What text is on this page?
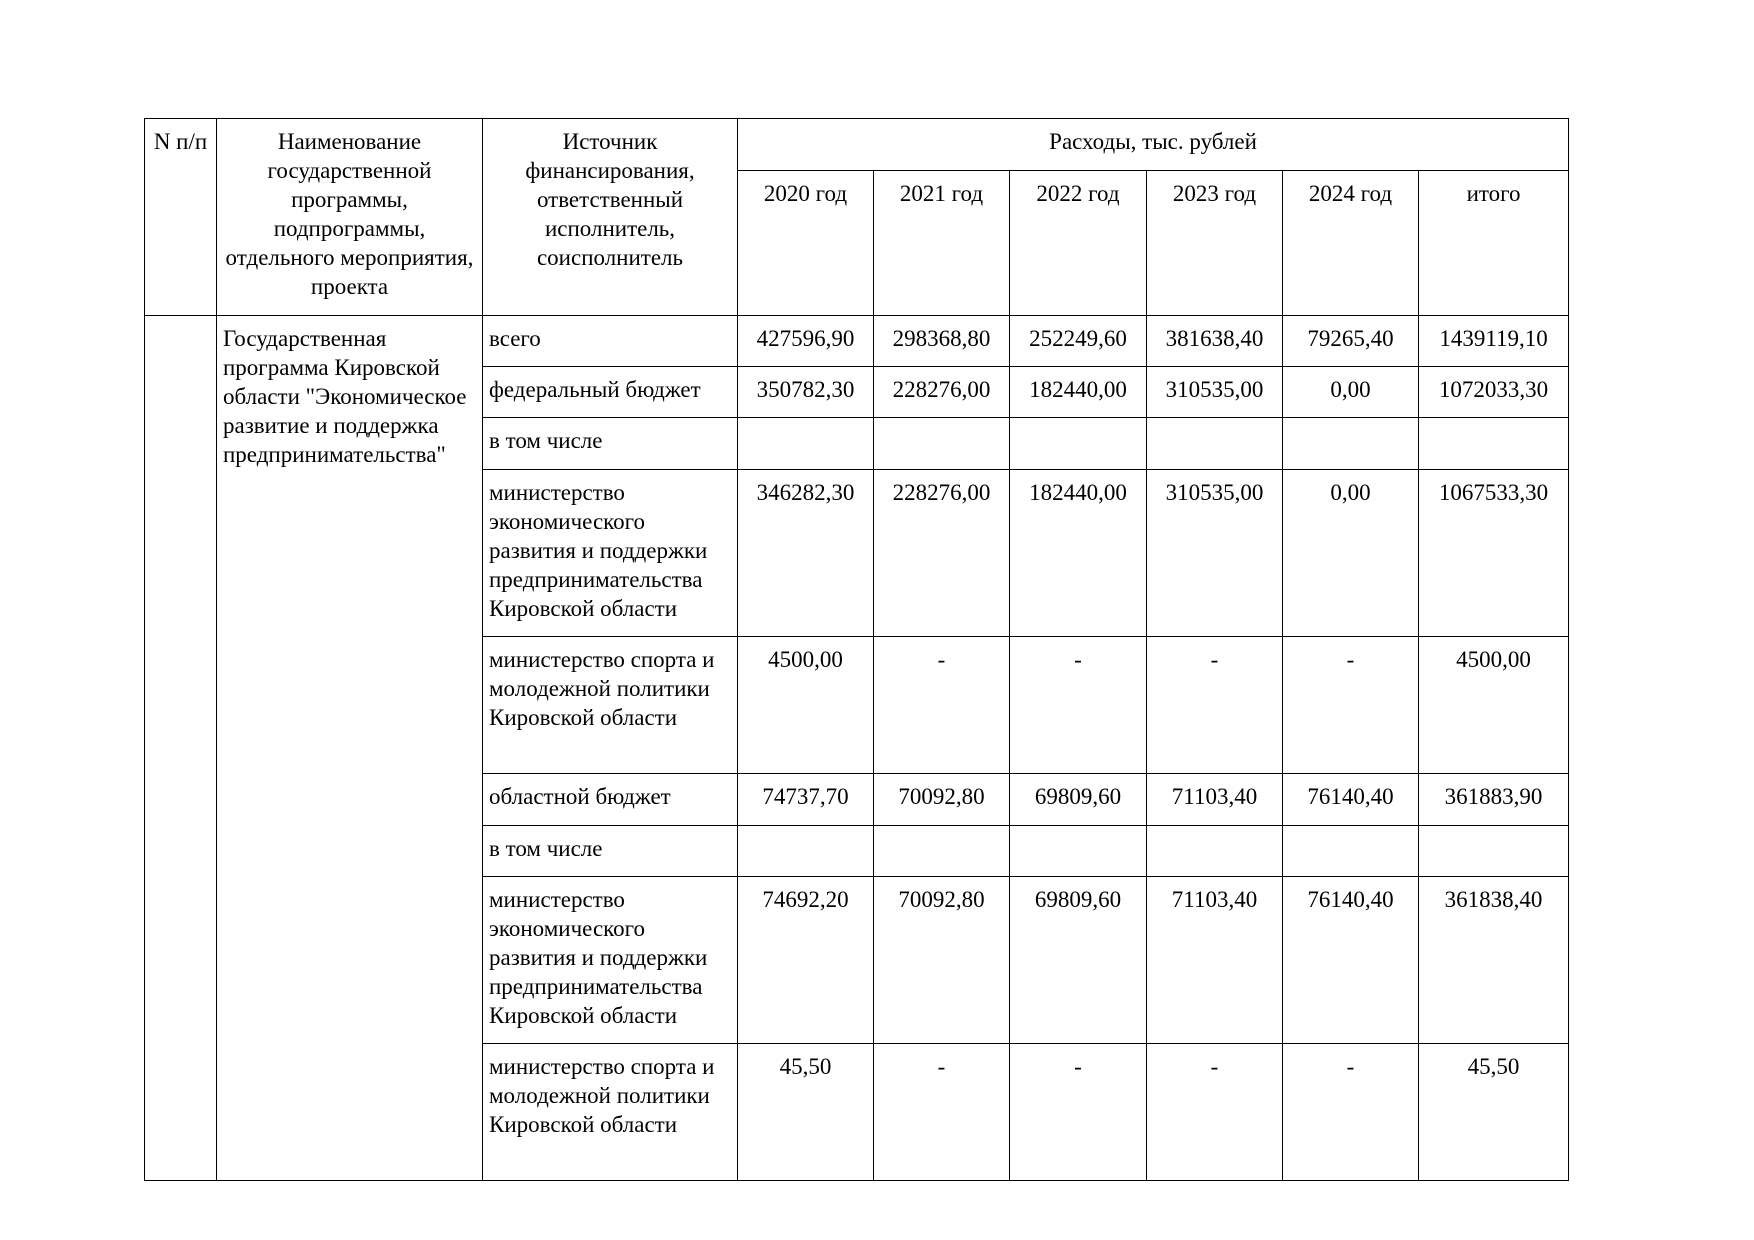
N п/п	Наименование государственной программы, подпрограммы, отдельного мероприятия, проекта	Источник финансирования, ответственный исполнитель, соисполнитель	Расходы, тыс. рублей					
			2020 год	2021 год	2022 год	2023 год	2024 год	итого
	Государственная программа Кировской области "Экономическое развитие и поддержка предпринимательства"	всего	427596,90	298368,80	252249,60	381638,40	79265,40	1439119,10
		федеральный бюджет	350782,30	228276,00	182440,00	310535,00	0,00	1072033,30
		в том числе						
		министерство экономического развития и поддержки предпринимательства Кировской области	346282,30	228276,00	182440,00	310535,00	0,00	1067533,30
		министерство спорта и молодежной политики Кировской области	4500,00	-	-	-	-	4500,00
		областной бюджет	74737,70	70092,80	69809,60	71103,40	76140,40	361883,90
		в том числе						
		министерство экономического развития и поддержки предпринимательства Кировской области	74692,20	70092,80	69809,60	71103,40	76140,40	361838,40
		министерство спорта и молодежной политики Кировской области	45,50	-	-	-	-	45,50
